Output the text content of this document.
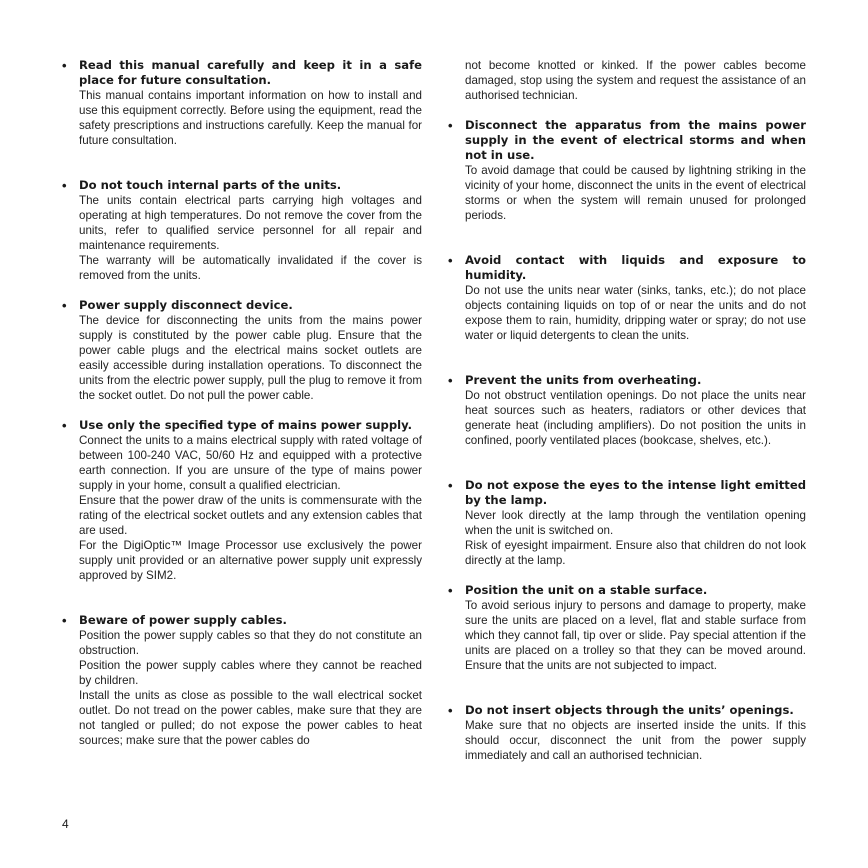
• Read this manual carefully and keep it in a safe place for future consultation.

This manual contains important information on how to install and use this equipment correctly. Before using the equipment, read the safety prescriptions and instructions carefully. Keep the manual for future consultation.

• Do not touch internal parts of the units.

The units contain electrical parts carrying high voltages and operating at high temperatures. Do not remove the cover from the units, refer to qualified service personnel for all repair and maintenance requirements.

The warranty will be automatically invalidated if the cover is removed from the units.

• Power supply disconnect device.

The device for disconnecting the units from the mains power supply is constituted by the power cable plug. Ensure that the power cable plugs and the electrical mains socket outlets are easily accessible during installation operations. To disconnect the units from the electric power supply, pull the plug to remove it from the socket outlet. Do not pull the power cable.

• Use only the specified type of mains power supply.

Connect the units to a mains electrical supply with rated voltage of between 100-240 VAC, 50/60 Hz and equipped with a protective earth connection. If you are unsure of the type of mains power supply in your home, consult a qualified electrician.

Ensure that the power draw of the units is commensurate with the rating of the electrical socket outlets and any extension cables that are used.

For the DigiOptic™ Image Processor use exclusively the power supply unit provided or an alternative power supply unit expressly approved by SIM2.

• Beware of power supply cables.

Position the power supply cables so that they do not constitute an obstruction.

Position the power supply cables where they cannot be reached by children.

Install the units as close as possible to the wall electrical socket outlet. Do not tread on the power cables, make sure that they are not tangled or pulled; do not expose the power cables to heat sources; make sure that the power cables do

not become knotted or kinked. If the power cables become damaged, stop using the system and request the assistance of an authorised technician.
• Disconnect the apparatus from the mains power supply in the event of electrical storms and when not in use.

To avoid damage that could be caused by lightning striking in the vicinity of your home, disconnect the units in the event of electrical storms or when the system will remain unused for prolonged periods.

• Avoid contact with liquids and exposure to humidity.

Do not use the units near water (sinks, tanks, etc.); do not place objects containing liquids on top of or near the units and do not expose them to rain, humidity, dripping water or spray; do not use water or liquid detergents to clean the units.

• Prevent the units from overheating.

Do not obstruct ventilation openings. Do not place the units near heat sources such as heaters, radiators or other devices that generate heat (including amplifiers). Do not position the units in confined, poorly ventilated places (bookcase, shelves, etc.).

• Do not expose the eyes to the intense light emitted by the lamp.

Never look directly at the lamp through the ventilation opening when the unit is switched on.

Risk of eyesight impairment. Ensure also that children do not look directly at the lamp.

• Position the unit on a stable surface.

To avoid serious injury to persons and damage to property, make sure the units are placed on a level, flat and stable surface from which they cannot fall, tip over or slide. Pay special attention if the units are placed on a trolley so that they can be moved around. Ensure that the units are not subjected to impact.

• Do not insert objects through the units’ openings.

Make sure that no objects are inserted inside the units. If this should occur, disconnect the unit from the power supply immediately and call an authorised technician.

4
